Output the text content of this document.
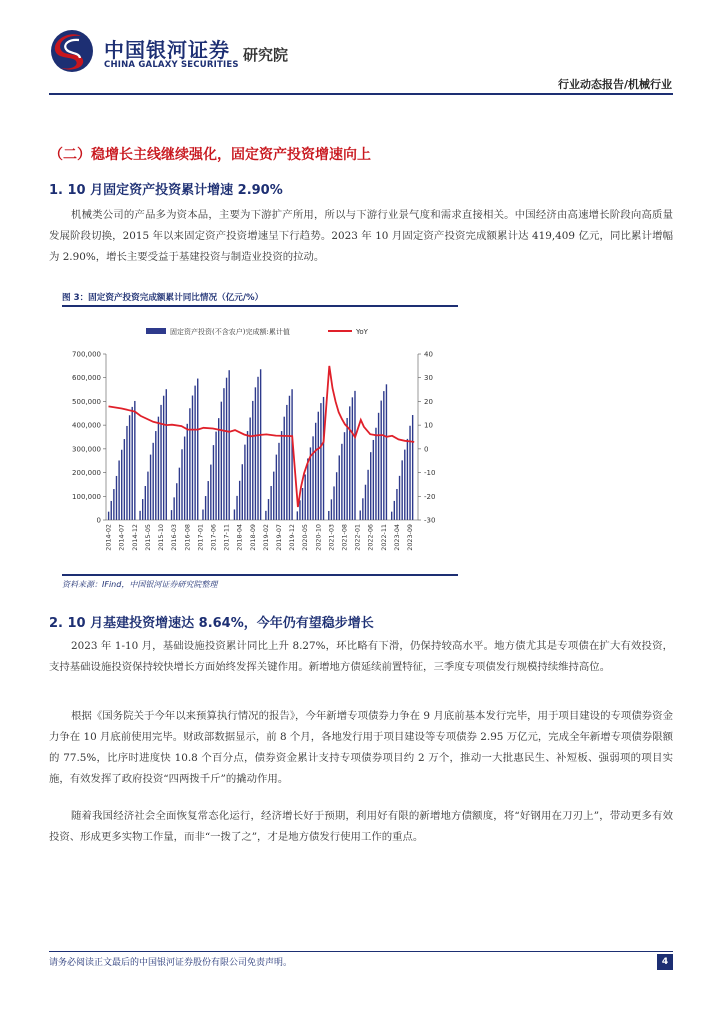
中国银河证券
CHINA GALAXY SECURITIES
研究院
行业动态报告/机械行业
（二）稳增长主线继续强化，固定资产投资增速向上
1. 10 月固定资产投资累计增速 2.90%
机械类公司的产品多为资本品，主要为下游扩产所用，所以与下游行业景气度和需求直接相关。中国经济由高速增长阶段向高质量发展阶段切换，2015 年以来固定资产投资增速呈下行趋势。2023 年 10 月固定资产投资完成额累计达 419,409 亿元，同比累计增幅为 2.90%，增长主要受益于基建投资与制造业投资的拉动。
图 3：固定资产投资完成额累计同比情况（亿元/%）
固定资产投资(不含农户)完成额:累计值	YoY
0
100,000
200,000
300,000
400,000
500,000
600,000
700,000
-30
-20
-10
0
10
20
30
40
2014-02 2014-07 2014-12 2015-05 2015-10 2016-03 2016-08 2017-01 2017-06 2017-11 2018-04 2018-09 2019-02 2019-07 2019-12 2020-05 2020-10 2021-03 2021-08 2022-01 2022-06 2022-11 2023-04 2023-09
资料来源：IFind，中国银河证券研究院整理
2. 10 月基建投资增速达 8.64%，今年仍有望稳步增长
2023 年 1-10 月，基础设施投资累计同比上升 8.27%，环比略有下滑，仍保持较高水平。地方债尤其是专项债在扩大有效投资，支持基础设施投资保持较快增长方面始终发挥关键作用。新增地方债延续前置特征，三季度专项债发行规模持续维持高位。
根据《国务院关于今年以来预算执行情况的报告》，今年新增专项债券力争在 9 月底前基本发行完毕，用于项目建设的专项债券资金力争在 10 月底前使用完毕。财政部数据显示，前 8 个月，各地发行用于项目建设等专项债券 2.95 万亿元，完成全年新增专项债券限额的 77.5%，比序时进度快 10.8 个百分点，债券资金累计支持专项债券项目约 2 万个，推动一大批惠民生、补短板、强弱项的项目实施，有效发挥了政府投资“四两拨千斤”的撬动作用。
随着我国经济社会全面恢复常态化运行，经济增长好于预期，利用好有限的新增地方债额度，将“好钢用在刀刃上”，带动更多有效投资、形成更多实物工作量，而非“一拨了之”，才是地方债发行使用工作的重点。
请务必阅读正文最后的中国银河证券股份有限公司免责声明。	4
